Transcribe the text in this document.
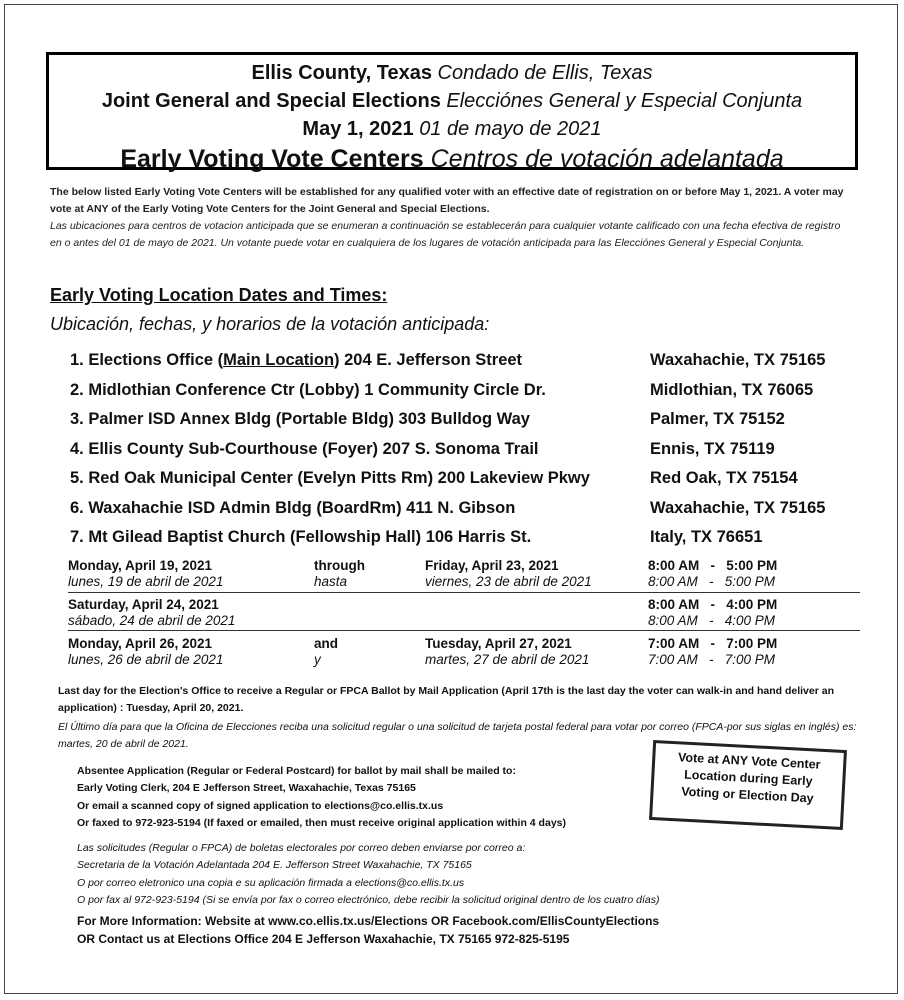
Ellis County, Texas Condado de Ellis, Texas
Joint General and Special Elections Elecciónes General y Especial Conjunta
May 1, 2021 01 de mayo de 2021
Early Voting Vote Centers Centros de votación adelantada
The below listed Early Voting Vote Centers will be established for any qualified voter with an effective date of registration on or before May 1, 2021. A voter may vote at ANY of the Early Voting Vote Centers for the Joint General and Special Elections.
Las ubicaciones para centros de votacion anticipada que se enumeran a continuación se establecerán para cualquier votante calificado con una fecha efectiva de registro en o antes del 01 de mayo de 2021. Un votante puede votar en cualquiera de los lugares de votación anticipada para las Elecciónes General y Especial Conjunta.
Early Voting Location Dates and Times:
Ubicación, fechas, y horarios de la votación anticipada:
1. Elections Office (Main Location) 204 E. Jefferson Street	Waxahachie, TX 75165
2. Midlothian Conference Ctr (Lobby) 1 Community Circle Dr.	Midlothian, TX 76065
3. Palmer ISD Annex Bldg (Portable Bldg) 303 Bulldog Way	Palmer, TX 75152
4. Ellis County Sub-Courthouse (Foyer) 207 S. Sonoma Trail	Ennis, TX 75119
5. Red Oak Municipal Center (Evelyn Pitts Rm) 200 Lakeview Pkwy	Red Oak, TX 75154
6. Waxahachie ISD Admin Bldg (BoardRm) 411 N. Gibson	Waxahachie, TX 75165
7. Mt Gilead Baptist Church (Fellowship Hall) 106 Harris St.	Italy, TX 76651
Monday, April 19, 2021	through	Friday, April 23, 2021	8:00 AM   -   5:00 PM
lunes, 19 de abril de 2021	hasta	viernes, 23 de abril de 2021	8:00 AM   -   5:00 PM
Saturday, April 24, 2021	8:00 AM   -   4:00 PM
sábado, 24 de abril de 2021	8:00 AM   -   4:00 PM
Monday, April 26, 2021	and	Tuesday, April 27, 2021	7:00 AM   -   7:00 PM
lunes, 26 de abril de 2021	y	martes, 27 de abril de 2021	7:00 AM   -   7:00 PM
Last day for the Election's Office to receive a Regular or FPCA Ballot by Mail Application (April 17th is the last day the voter can walk-in and hand deliver an application) : Tuesday, April 20, 2021.
El Último día para que la Oficina de Elecciones reciba una solicitud regular o una solicitud de tarjeta postal federal para votar por correo (FPCA-por sus siglas en inglés) es: martes, 20 de abril de 2021.
Absentee Application (Regular or Federal Postcard) for ballot by mail shall be mailed to:
Early Voting Clerk, 204 E Jefferson Street, Waxahachie, Texas 75165
Or email a scanned copy of signed application to elections@co.ellis.tx.us
Or faxed to 972-923-5194 (If faxed or emailed, then must receive original application within 4 days)
Las solicitudes (Regular o FPCA) de boletas electorales por correo deben enviarse por correo a:
Secretaria de la Votación Adelantada 204 E. Jefferson Street Waxahachie, TX 75165
O por correo eletronico una copia e su aplicación firmada a elections@co.ellis.tx.us
O por fax al 972-923-5194 (Si se envía por fax o correo electrónico, debe recibir la solicitud original dentro de los cuatro días)
Vote at ANY Vote Center
Location during Early
Voting or Election Day
For More Information: Website at www.co.ellis.tx.us/Elections OR Facebook.com/EllisCountyElections
OR Contact us at Elections Office 204 E Jefferson Waxahachie, TX 75165 972-825-5195
